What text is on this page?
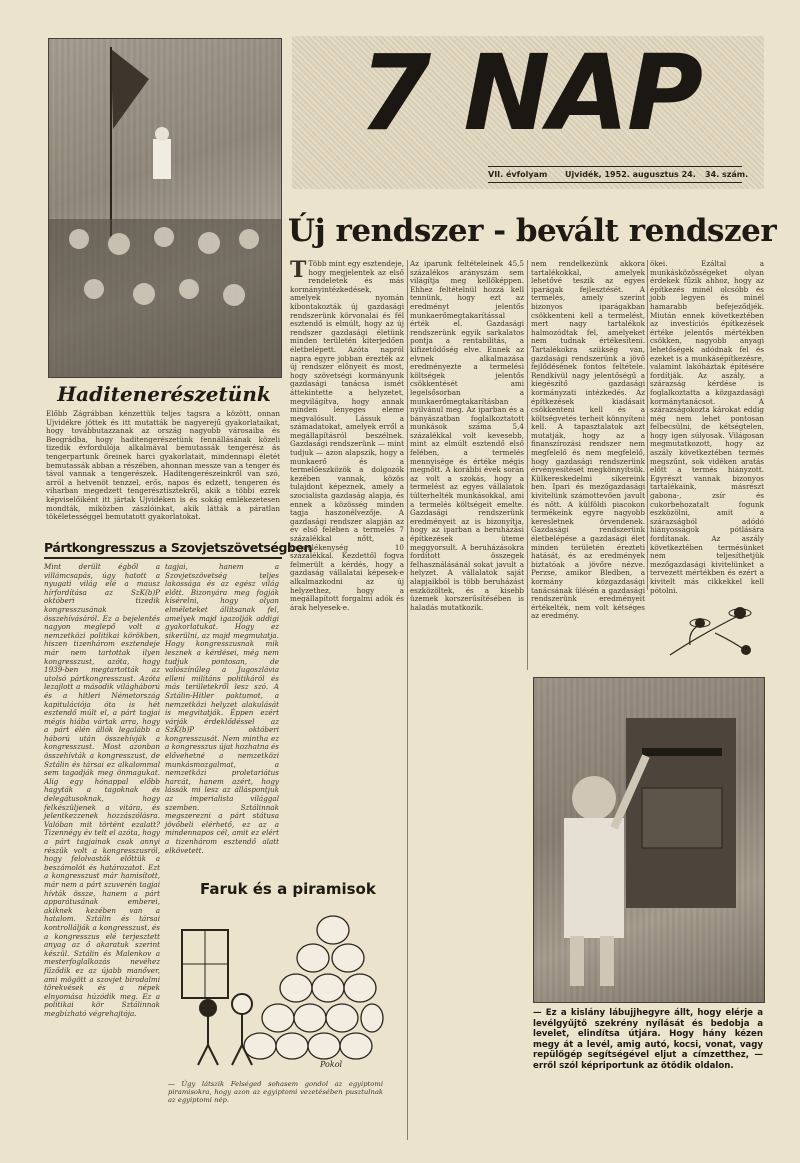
Haditenerészetünk
Előbb Zágrábban kénzettük teljes tagsra a között, onnan Ujvidékre jöttek és itt mutatták be nagyerejű gyakorlataikat, hogy továbbutazzanak az ország nagyobb városaiba és Beográdba, hogy haditengerészetünk fennállásának közeli tizedik évfordulója alkalmával bemutassák tengerész ás tengerpartunk őreinek harci gyakorlatait, mindennapi életét bemutassák abban a részében, ahonnan messze van a tenger és távol vannak a tengerészek. Haditengerészeinkről van szó, arról a hetvenöt tenzzel, erős, napos és edzett, tengeren és viharban megedzett tengerésztisztekről, akik a többi ezrek képviselőiként itt jártak Ujvidéken is és sokág emlékezetesen mondták, miközben zászlóinkat, akik látták a páratlan tökéletességgel bemutatott gyakorlatokat.
Pártkongresszus a Szovjetszövetségben
Mint derült égből a villámcsapás, úgy hatott a nyugati világ elé a mausz hírfordítása az SzK(b)P októberi tizedik kongresszusának összehívásáról. Ez a bejelentés nagyon meglepő volt a nemzetközi politikai körökben, hiszen tizenhárom esztendeje már nem tartottak ilyen kongresszust, azóta, hogy 1939-ben megtartották az utolsó pártkongresszust. Azóta lezajlott a második világháború és a hitleri Németország kapitulációja óta is hét esztendő múlt el, a párt tagjai mégis hiába vártak arra, hogy a párt élén állók legalább a háború után összehívják a kongresszust. Most azonban összehívták a kongresszust, de Sztálin és társai ez alkalommal sem tagadják meg önmagukat. Alig egy hónappal előbb hagyták a tagoknak és delegátusoknak, hogy felkészüljenek a vitára, és jelentkezzenek hozzászólásra. Valóban mit történt ezalatt? Tizennégy év telt el azóta, hogy a párt tagjainak csak annyi részük volt a kongresszusról, hogy felolvasták előttük a beszámolót és határozatot. Ezt a kongresszust már hamisított, már nem a párt szuverén tagjai hívták össze, hanem a párt apparátusának emberei, akiknek kezében van a hatalom. Sztálin és társai kontrollálják a kongresszust, és a kongresszus elé terjesztett anyag az ő akaratuk szerint készül. Sztálin és Malenkov a mesterfoglalkozás nevéhez fűződik ez az újabb manőver, ami mögött a szovjet birodalmi törekvések és a népek elnyomása húzódik meg. Ez a politikai kör Sztálinnak megbízható végrehajtója.
tagjai, hanem a Szovjetszövetség teljes lakossága és az egész világ előtt. Bizonyára meg fogják kísérelni, hogy olyan elméleteket állítsanak fel, amelyek majd igazolják addigi gyakorlatukat. Hogy ez sikerülni, az majd megmutatja. Hogy kongresszusnak mik lesznek a kérdései, még nem tudjuk pontosan, de valószínűleg a Jugoszlávia elleni militáns politikáról és más területekről lesz szó. A Sztálin-Hitler paktumot, a nemzetközi helyzet alakulását is megvitatják. Éppen ezért várják érdeklődéssel az SzK(b)P októberi kongresszusát. Nem mintha ez a kongresszus újat hozhatna és elővehetné a nemzetközi munkásmozgalmat, a nemzetközi proletariátus harcát, hanem azért, hogy lássák mi lesz az álláspontjuk az imperialista világgal szemben. Sztálinnak megszerezni a párt státusa jövőbeli elérhető, ez az a mindennapos cél, amit ez elért a tizenhárom esztendő alatt elkövetett.
Faruk és a piramisok
Pokol
— Úgy látszik Felséged sohasem gondol az egyiptomi piramisokra, hogy azon az egyiptomi vezetésében pusztulnak az egyiptomi nép.
7 NAP
VII. évfolyam Ujvidék, 1952. augusztus 24. 34. szám.
Új rendszer - bevált rendszer
T Több mint egy esztendeje, hogy megjelentek az első rendeletek és más kormányintézkedések, amelyek nyomán kibontakozták új gazdasági rendszerünk körvonalai és fél esztendő is elmúlt, hogy az új rendszer gazdasági életünk minden területén kiterjedően életbelépett. Azóta napról napra egyre jobban érezték az új rendszer előnyeit és most, hogy szövetségi kormányunk gazdasági tanácsa ismét áttekintette a helyzetet, megvilágítva, hogy annak minden lényeges eleme megvalósult. Lássuk a számadatokat, amelyek erről a megállapításról beszélnek. Gazdasági rendszerünk — mint tudjuk — azon alapszik, hogy a munkaerő és a termelőeszközök a dolgozók kezében vannak, közös tulajdont képeznek, amely a szocialista gazdaság alapja, és ennek a közösség minden tagja haszonélvezője. A gazdasági rendszer alapján az év első felében a termelés 7 százalékkal nőtt, a termelékenység 10 százalékkal. Kezdettől fogva felmerült a kérdés, hogy a gazdaság vállalatai képesek-e alkalmazkodni az új helyzethez, hogy a megállapított forgalmi adók és árak helyesek-e.
Az iparunk feltételeinek 45,5 százalékos arányszám sem világítja meg kellőképpen. Ehhez feltételnül hozzá kell tennünk, hogy ezt az eredményt jelentős munkaerőmegtakarítással érték el. Gazdasági rendszerünk egyik sarkalatos pontja a rentabilitás, a kifizetődőség elve. Ennek az elvnek alkalmazása eredményezte a termelési költségek jelentős csökkentését ami legelsősorban a munkaerőmegtakarításban nyilvánul meg. Az iparban és a bányászatban foglalkoztatott munkások száma 5,4 százalékkal volt kevesebb, mint az elmúlt esztendő első felében, a termelés mennyisége és értéke mégis megnőtt. A korábbi évek során az volt a szokás, hogy a termelést az egyes vállalatok túlterhelték munkásokkal, ami a termelés költségeit emelte. Gazdasági rendszerünk eredményeit az is bizonyítja, hogy az iparban a beruházási építkezések üteme meggyorsult. A beruházásokra fordított összegek felhasználásánál sokat javult a helyzet. A vállalatok saját alapjaikból is több beruházást eszközöltek, és a kisebb üzemek korszerűsítésében is haladás mutatkozik.
nem rendelkezünk akkora tartalékokkal, amelyek lehetővé teszik az egyes iparágak fejlesztését. A termelés, amely szerint bizonyos iparágakban csökkenteni kell a termelést, mert nagy tartalékok halmozódtak fel, amelyeket nem tudnak értékesíteni. Tartalékokra szükség van, gazdasági rendszerünk a jövő fejlődésének fontos feltétele. Rendkívül nagy jelentőségű a kiegészítő gazdasági kormányzati intézkedés. Az építkezések kiadásait csökkenteni kell és a költségvetés terheit könnyíteni kell. A tapasztalatok azt mutatják, hogy az a finanszírozási rendszer nem megfelelő és nem megfelelő, hogy gazdasági rendszerünk érvényesítését megkönnyítsük. Külkereskedelmi sikereink ben. Ipari és mezőgazdasági kivitelünk számottevően javult és nőtt. A külföldi piacokon termékeink egyre nagyobb keresletnek örvendenek. Gazdasági rendszerünk életbelépése a gazdasági élet minden területén érezteti hatását, és az eredmények biztatóak a jövőre nézve. Perzse, amikor Bledben, a kormány közgazdasági tanácsának ülésén a gazdasági rendszerünk eredményeit értékelték, nem volt kétséges az eredmény.
ökei. Ezáltal a munkásközösségeket olyan érdekek fűzik ahhoz, hogy az építkezés minél olcsóbb és jobb legyen és minél hamarabb befejeződjék. Miután ennek következtében az investíciós építkezések értéke jelentős mértékben csökken, nagyobb anyagi lehetőségek adódnak fel és ezeket is a munkásépítkezésre, valamint lakóháztak építésére fordítják. Az aszály, a szárazság kérdése is foglalkoztatta a közgazdasági kormánytanácsot. A szárazságokozta károkat eddig még nem lehet pontosan felbecsülni, de kétségtelen, hogy igen súlyosak. Világosan megmutatkozott, hogy az aszály következtében termés megszűnt, sok vidéken aratás előtt a termés hiányzott. Egyrészt vannak bizonyos tartalékaink, másrészt gabona-, zsír és cukorbehozatalt fogunk eszközölni, amit a szárazságból adódó hiányosságok pótlására fordítanak. Az aszály következtében termésünket nem teljesíthetjük mezőgazdasági kivitelünket a tervezett mértékben és ezért a kivitelt más cikkekkel kell pótolni.
— Ez a kislány lábujjhegyre állt, hogy elérje a levélgyűjtő szekrény nyílását és bedobja a levelet, elindítsa útjára. Hogy hány kézen megy át a levél, amig autó, kocsi, vonat, vagy repülőgép segítségével eljut a címzetthez, — erről szól képriportunk az ötödik oldalon.
